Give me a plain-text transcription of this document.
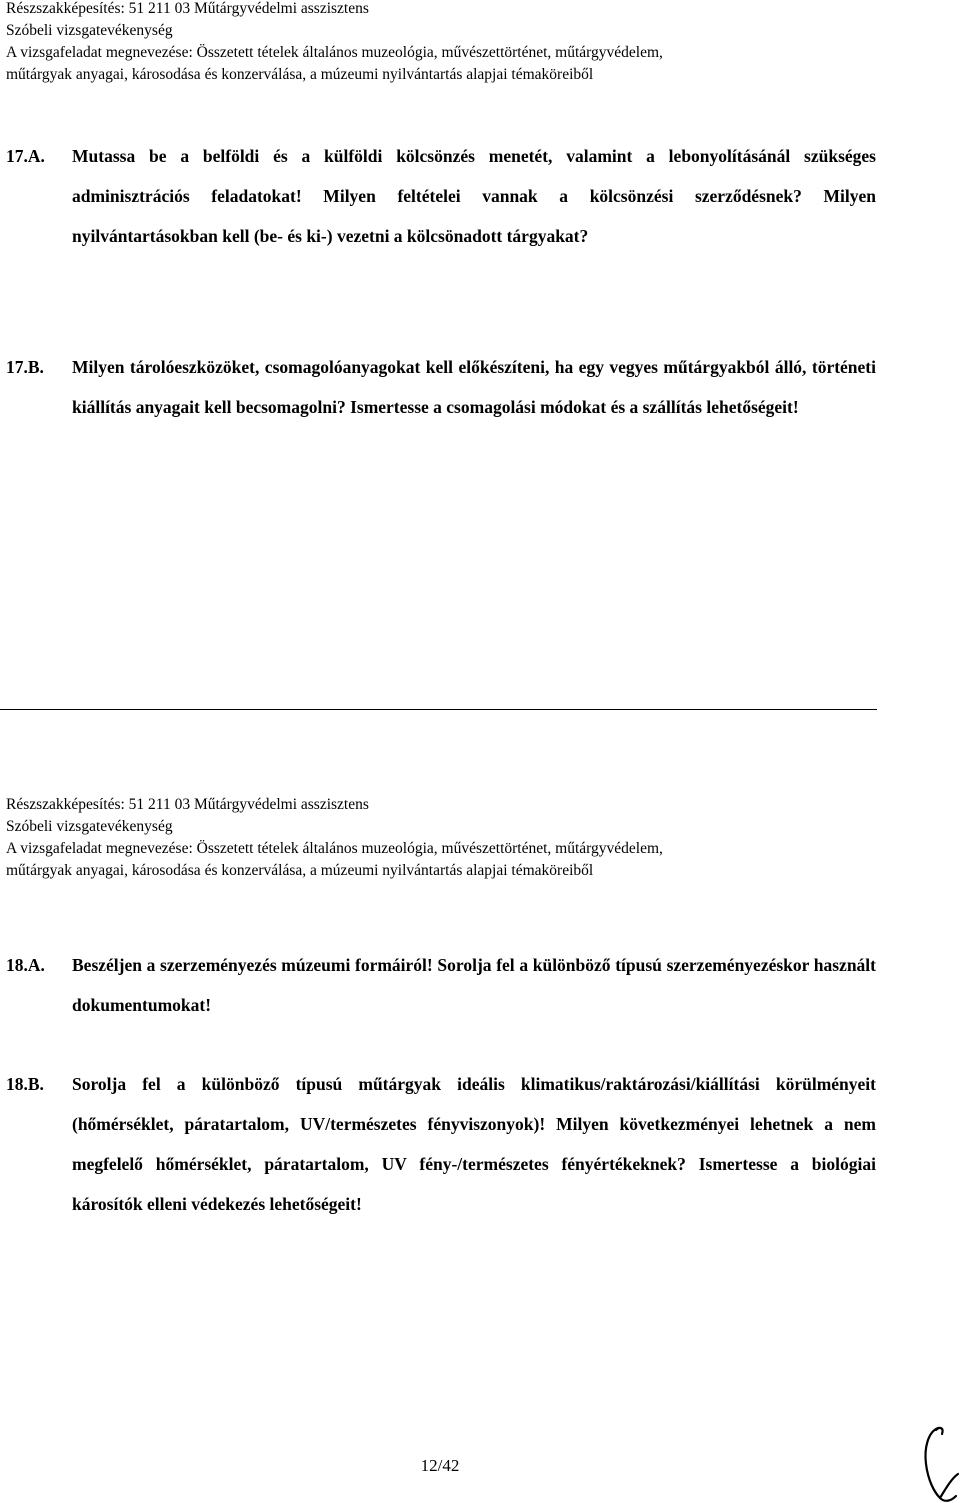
Részszakképesítés: 51 211 03 Műtárgyvédelmi asszisztens
Szóbeli vizsgatevékenység
A vizsgafeladat megnevezése: Összetett tételek általános muzeológia, művészettörténet, műtárgyvédelem,
műtárgyak anyagai, károsodása és konzerválása, a múzeumi nyilvántartás alapjai témaköreiből
17.A. Mutassa be a belföldi és a külföldi kölcsönzés menetét, valamint a lebonyolításánál szükséges adminisztrációs feladatokat! Milyen feltételei vannak a kölcsönzési szerződésnek? Milyen nyilvántartásokban kell (be- és ki-) vezetni a kölcsönadott tárgyakat?
17.B. Milyen tárolóeszközöket, csomagolóanyagokat kell előkészíteni, ha egy vegyes műtárgyakból álló, történeti kiállítás anyagait kell becsomagolni? Ismertesse a csomagolási módokat és a szállítás lehetőségeit!
Részszakképesítés: 51 211 03 Műtárgyvédelmi asszisztens
Szóbeli vizsgatevékenység
A vizsgafeladat megnevezése: Összetett tételek általános muzeológia, művészettörténet, műtárgyvédelem,
műtárgyak anyagai, károsodása és konzerválása, a múzeumi nyilvántartás alapjai témaköreiből
18.A. Beszéljen a szerzeményezés múzeumi formáiról! Sorolja fel a különböző típusú szerzeményezéskor használt dokumentumokat!
18.B. Sorolja fel a különböző típusú műtárgyak ideális klimatikus/raktározási/kiállítási körülményeit (hőmérséklet, páratartalom, UV/természetes fényviszonyok)! Milyen következményei lehetnek a nem megfelelő hőmérséklet, páratartalom, UV fény-/természetes fényértékeknek? Ismertesse a biológiai károsítók elleni védekezés lehetőségeit!
12/42
